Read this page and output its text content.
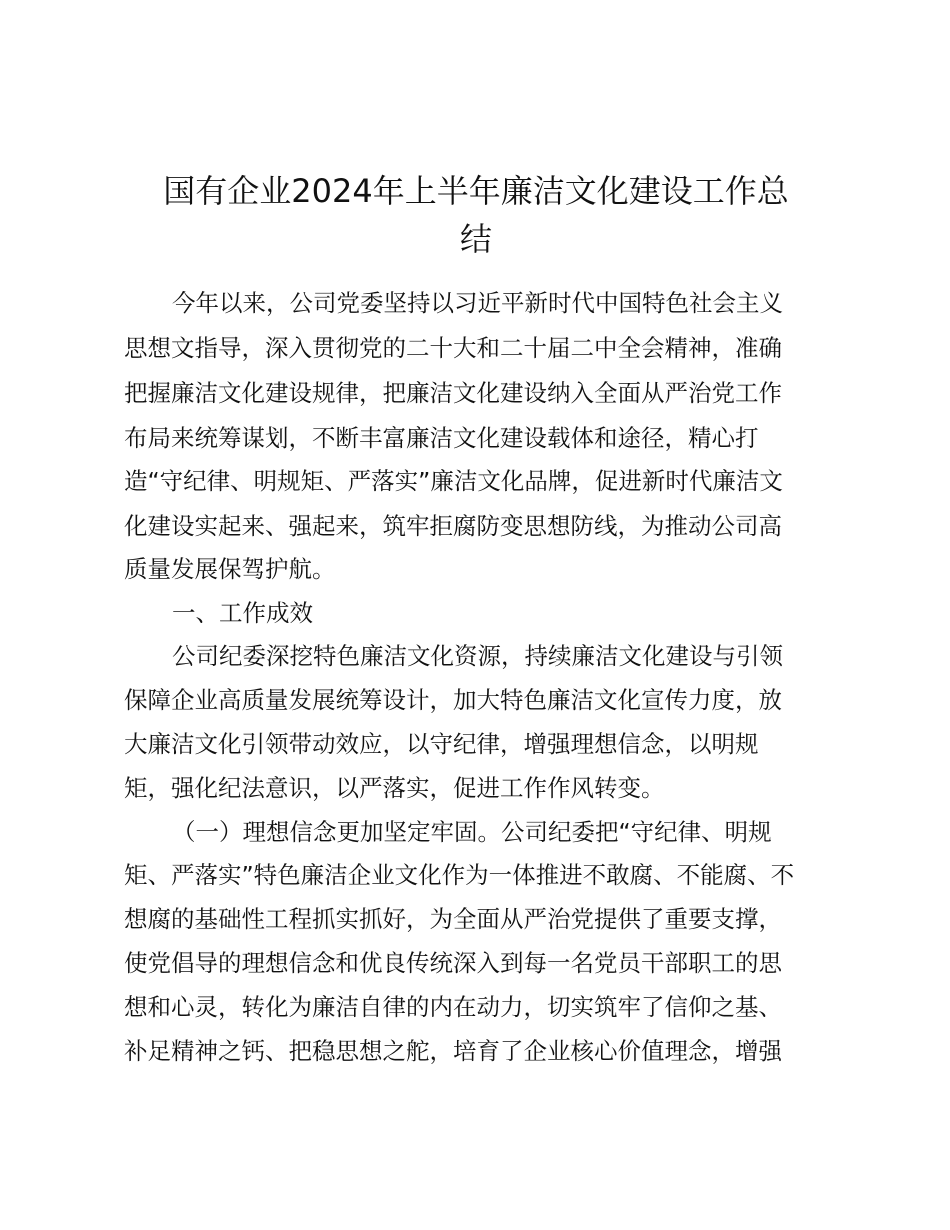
国有企业2024年上半年廉洁文化建设工作总
结
今年以来，公司党委坚持以习近平新时代中国特色社会主义
思想文指导，深入贯彻党的二十大和二十届二中全会精神，准确
把握廉洁文化建设规律，把廉洁文化建设纳入全面从严治党工作
布局来统筹谋划，不断丰富廉洁文化建设载体和途径，精心打
造“守纪律、明规矩、严落实”廉洁文化品牌，促进新时代廉洁文
化建设实起来、强起来，筑牢拒腐防变思想防线，为推动公司高
质量发展保驾护航。
一、工作成效
公司纪委深挖特色廉洁文化资源，持续廉洁文化建设与引领
保障企业高质量发展统筹设计，加大特色廉洁文化宣传力度，放
大廉洁文化引领带动效应，以守纪律，增强理想信念，以明规
矩，强化纪法意识，以严落实，促进工作作风转变。
（一）理想信念更加坚定牢固。公司纪委把“守纪律、明规
矩、严落实”特色廉洁企业文化作为一体推进不敢腐、不能腐、不
想腐的基础性工程抓实抓好，为全面从严治党提供了重要支撑，
使党倡导的理想信念和优良传统深入到每一名党员干部职工的思
想和心灵，转化为廉洁自律的内在动力，切实筑牢了信仰之基、
补足精神之钙、把稳思想之舵，培育了企业核心价值理念，增强
